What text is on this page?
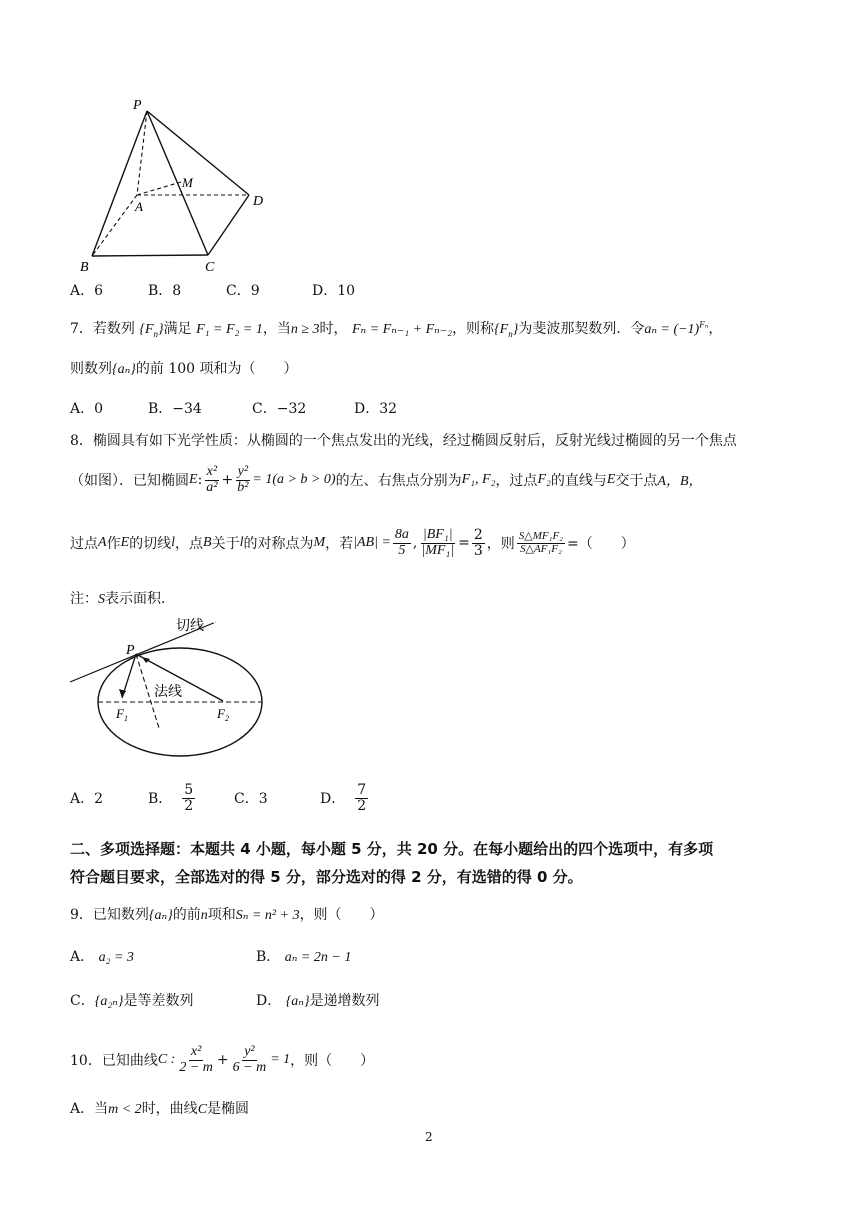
P
M
A	D
B	C
A．6	B．8	C．9	D．10
7．若数列 $\{F_n\}$满足 F₁ = F₂ = 1，当n ≥ 3时， Fₙ = Fₙ₋₁ + Fₙ₋₂，则称$\{F_n\}$为斐波那契数列．令$a_n = (-1)^{F_n}$，
则数列{aₙ}的前 100 项和为（　　）
A．0	B．−34	C．−32	D．32
8．椭圆具有如下光学性质：从椭圆的一个焦点发出的光线，经过椭圆反射后，反射光线过椭圆的另一个焦点
（如图）．已知椭圆 E : $\frac{\text{x²}}{\text{a²}} + \frac{\text{y²}}{\text{b²}} = 1(a > b > 0)$ 的左、右焦点分别为 F₁, F₂ ，过点 F₂ 的直线与 E 交于点 A，B，
过点 A 作 E 的切线 l ，点 B 关于 l 的对称点为 M ，若 $|AB| = \frac{8a}{5}$ , $\frac{\text{|BF₁|}}{\text{|MF₁|}} = \frac{2}{3}$ ，则 $\frac{\text{S△MF₁F₂}}{\text{S△AF₁F₂}}$ =（　　）
注：S表示面积．
切线
法线
P
$F_1$	$F_2$
A．2	B． $\frac{5}{2}$	C．3	D． $\frac{7}{2}$
二、多项选择题：本题共 4 小题，每小题 5 分，共 20 分。在每小题给出的四个选项中，有多项
符合题目要求，全部选对的得 5 分，部分选对的得 2 分，有选错的得 0 分。
9．已知数列{aₙ}的前n项和Sₙ = n² + 3，则（　　）
A． a₂ = 3	B． aₙ = 2n − 1
C．{a₂ₙ}是等差数列	D． {aₙ}是递增数列
10．已知曲线 C : $\frac{\text{x²}}{2 - m} + \frac{\text{y²}}{6 - m} = 1$ ，则（　　）
A．当m < 2时，曲线C是椭圆
2
